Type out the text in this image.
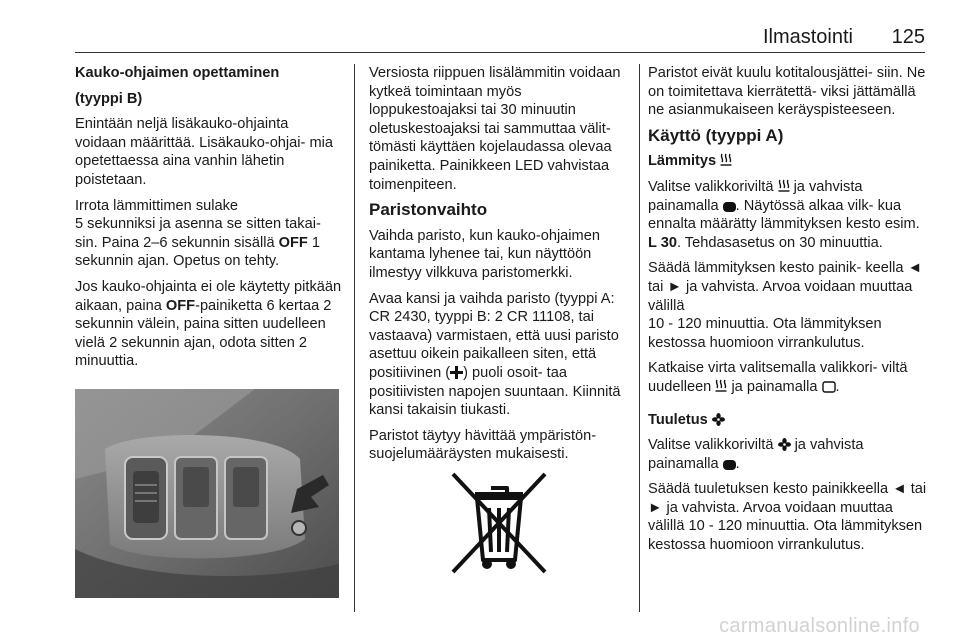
Ilmastointi 125

Kauko-ohjaimen opettaminen

(tyyppi B)

Enintään neljä lisäkauko-ohjainta voidaan määrittää. Lisäkauko-ohjai- mia opetettaessa aina vanhin lähetin poistetaan.

Irrota lämmittimen sulake
5 sekunniksi ja asenna se sitten takai- sin. Paina 2–6 sekunnin sisällä OFF 1 sekunnin ajan. Opetus on tehty.

Jos kauko-ohjainta ei ole käytetty pitkään aikaan, paina OFF-painiketta 6 kertaa 2 sekunnin välein, paina sitten uudelleen vielä 2 sekunnin ajan, odota sitten 2 minuuttia.

Versiosta riippuen lisälämmitin voidaan kytkeä toimintaan myös loppukestoajaksi tai 30 minuutin oletuskestoajaksi tai sammuttaa välit- tömästi käyttäen kojelaudassa olevaa painiketta. Painikkeen LED vahvistaa toimenpiteen.

Paristonvaihto

Vaihda paristo, kun kauko-ohjaimen kantama lyhenee tai, kun näyttöön ilmestyy vilkkuva paristomerkki.

Avaa kansi ja vaihda paristo (tyyppi A: CR 2430, tyyppi B: 2 CR 11108, tai vastaava) varmistaen, että uusi paristo asettuu oikein paikalleen siten, että positiivinen ( ) puoli osoit- taa positiivisten napojen suuntaan. Kiinnitä kansi takaisin tiukasti.

Paristot täytyy hävittää ympäristön- suojelumääräysten mukaisesti.

Paristot eivät kuulu kotitalousjättei- siin. Ne on toimitettava kierrätettä- viksi jättämällä ne asianmukaiseen keräyspisteeseen.

Käyttö (tyyppi A)

Lämmitys

Valitse valikkoriviltä ja vahvista painamalla . Näytössä alkaa vilk- kua ennalta määrätty lämmityksen kesto esim. L 30. Tehdasasetus on 30 minuuttia.

Säädä lämmityksen kesto painik- keella ◄ tai ► ja vahvista. Arvoa voidaan muuttaa välillä
10 - 120 minuuttia. Ota lämmityksen kestossa huomioon virrankulutus.

Katkaise virta valitsemalla valikkori- viltä uudelleen ja painamalla .

Tuuletus

Valitse valikkoriviltä ja vahvista painamalla .

Säädä tuuletuksen kesto painikkeella ◄ tai ► ja vahvista. Arvoa voidaan muuttaa välillä 10 - 120 minuuttia. Ota lämmityksen kestossa huomioon virrankulutus.

carmanualsonline.info
